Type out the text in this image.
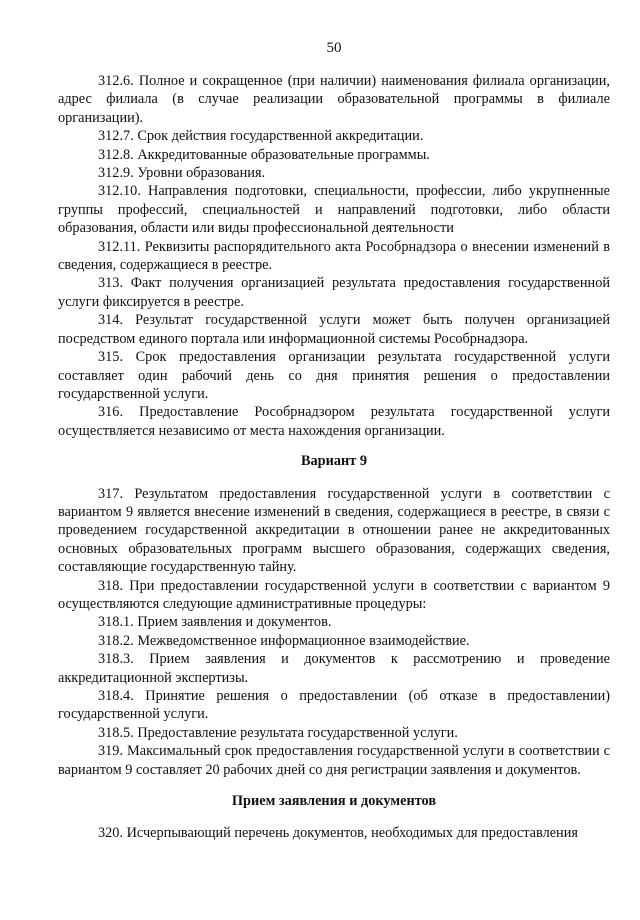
50

312.6. Полное и сокращенное (при наличии) наименования филиала организации, адрес филиала (в случае реализации образовательной программы в филиале организации).

312.7. Срок действия государственной аккредитации.

312.8. Аккредитованные образовательные программы.

312.9. Уровни образования.

312.10. Направления подготовки, специальности, профессии, либо укрупненные группы профессий, специальностей и направлений подготовки, либо области образования, области или виды профессиональной деятельности

312.11. Реквизиты распорядительного акта Рособрнадзора о внесении изменений в сведения, содержащиеся в реестре.

313. Факт получения организацией результата предоставления государственной услуги фиксируется в реестре.

314. Результат государственной услуги может быть получен организацией посредством единого портала или информационной системы Рособрнадзора.

315. Срок предоставления организации результата государственной услуги составляет один рабочий день со дня принятия решения о предоставлении государственной услуги.

316. Предоставление Рособрнадзором результата государственной услуги осуществляется независимо от места нахождения организации.

Вариант 9

317. Результатом предоставления государственной услуги в соответствии с вариантом 9 является внесение изменений в сведения, содержащиеся в реестре, в связи с проведением государственной аккредитации в отношении ранее не аккредитованных основных образовательных программ высшего образования, содержащих сведения, составляющие государственную тайну.

318. При предоставлении государственной услуги в соответствии с вариантом 9 осуществляются следующие административные процедуры:

318.1. Прием заявления и документов.

318.2. Межведомственное информационное взаимодействие.

318.3. Прием заявления и документов к рассмотрению и проведение аккредитационной экспертизы.

318.4. Принятие решения о предоставлении (об отказе в предоставлении) государственной услуги.

318.5. Предоставление результата государственной услуги.

319. Максимальный срок предоставления государственной услуги в соответствии с вариантом 9 составляет 20 рабочих дней со дня регистрации заявления и документов.

Прием заявления и документов

320. Исчерпывающий перечень документов, необходимых для предоставления
